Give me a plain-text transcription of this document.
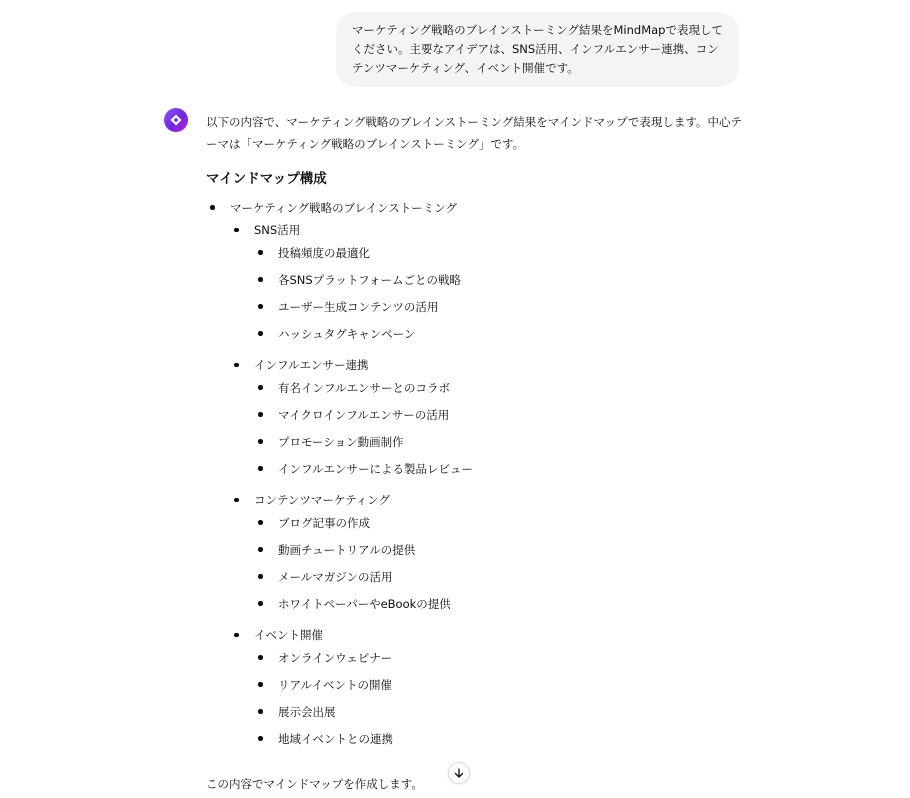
マーケティング戦略のブレインストーミング結果をMindMapで表現してください。主要なアイデアは、SNS活用、インフルエンサー連携、コンテンツマーケティング、イベント開催です。

以下の内容で、マーケティング戦略のブレインストーミング結果をマインドマップで表現します。中心テーマは「マーケティング戦略のブレインストーミング」です。

マインドマップ構成
マーケティング戦略のブレインストーミング
SNS活用
投稿頻度の最適化
各SNSプラットフォームごとの戦略
ユーザー生成コンテンツの活用
ハッシュタグキャンペーン
インフルエンサー連携
有名インフルエンサーとのコラボ
マイクロインフルエンサーの活用
プロモーション動画制作
インフルエンサーによる製品レビュー
コンテンツマーケティング
ブログ記事の作成
動画チュートリアルの提供
メールマガジンの活用
ホワイトペーパーやeBookの提供
イベント開催
オンラインウェビナー
リアルイベントの開催
展示会出展
地域イベントとの連携

この内容でマインドマップを作成します。
